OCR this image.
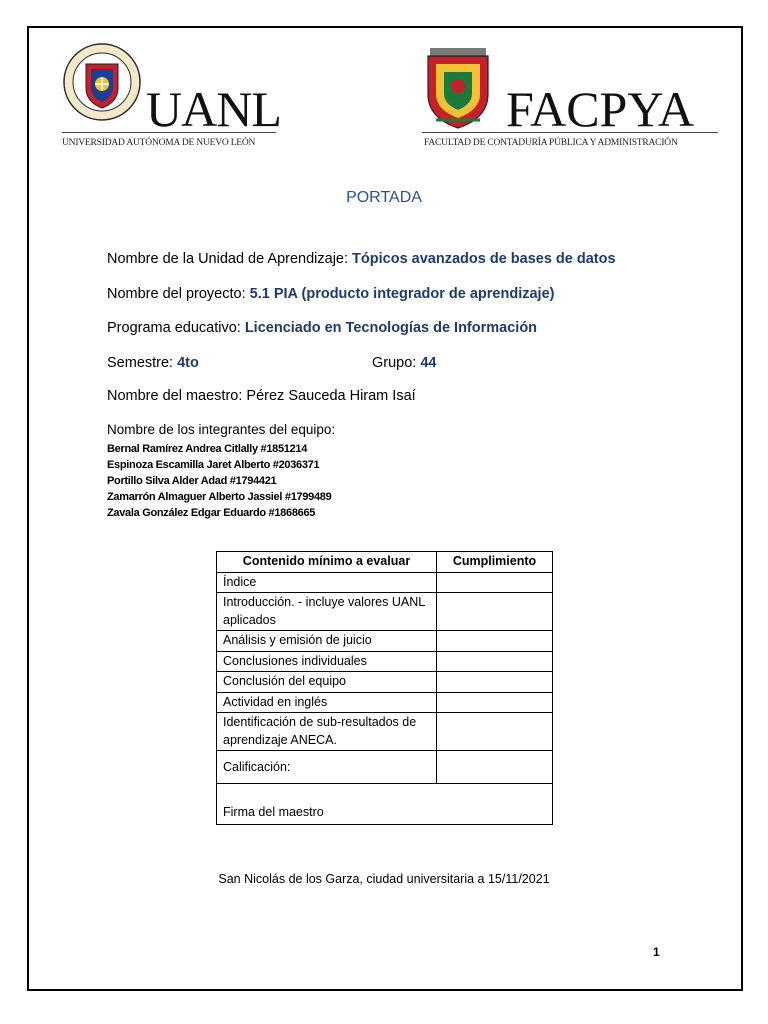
UANL
UNIVERSIDAD AUTÓNOMA DE NUEVO LEÓN
FACPYA
FACULTAD DE CONTADURÍA PÚBLICA Y ADMINISTRACIÓN
PORTADA
Nombre de la Unidad de Aprendizaje: Tópicos avanzados de bases de datos
Nombre del proyecto: 5.1 PIA (producto integrador de aprendizaje)
Programa educativo: Licenciado en Tecnologías de Información
Semestre: 4to	Grupo: 44
Nombre del maestro: Pérez Sauceda Hiram Isaí
Nombre de los integrantes del equipo:
Bernal Ramírez Andrea Citlally #1851214
Espinoza Escamilla Jaret Alberto #2036371
Portillo Silva Alder Adad #1794421
Zamarrón Almaguer Alberto Jassiel #1799489
Zavala González Edgar Eduardo #1868665
Contenido mínimo a evaluar	Cumplimiento
Índice	
Introducción. - incluye valores UANL aplicados	
Análisis y emisión de juicio	
Conclusiones individuales	
Conclusión del equipo	
Actividad en inglés	
Identificación de sub-resultados de aprendizaje ANECA.	
Calificación:	

Firma del maestro	
San Nicolás de los Garza, ciudad universitaria a 15/11/2021
1
